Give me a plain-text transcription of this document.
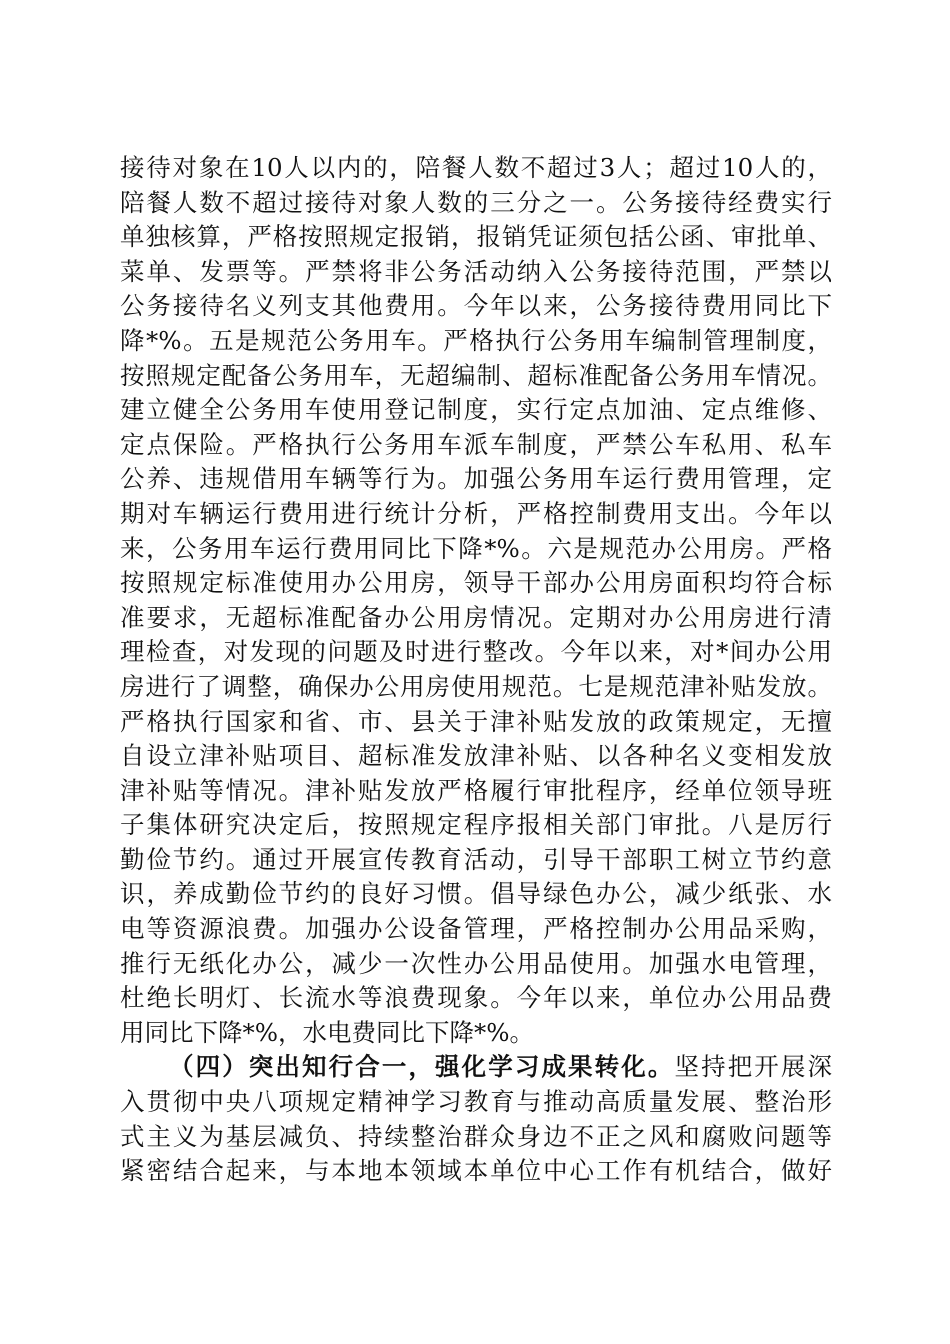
接待对象在10人以内的，陪餐人数不超过3人；超过10人的，
陪餐人数不超过接待对象人数的三分之一。公务接待经费实行
单独核算，严格按照规定报销，报销凭证须包括公函、审批单、
菜单、发票等。严禁将非公务活动纳入公务接待范围，严禁以
公务接待名义列支其他费用。今年以来，公务接待费用同比下
降*%。五是规范公务用车。严格执行公务用车编制管理制度，
按照规定配备公务用车，无超编制、超标准配备公务用车情况。
建立健全公务用车使用登记制度，实行定点加油、定点维修、
定点保险。严格执行公务用车派车制度，严禁公车私用、私车
公养、违规借用车辆等行为。加强公务用车运行费用管理，定
期对车辆运行费用进行统计分析，严格控制费用支出。今年以
来，公务用车运行费用同比下降*%。六是规范办公用房。严格
按照规定标准使用办公用房，领导干部办公用房面积均符合标
准要求，无超标准配备办公用房情况。定期对办公用房进行清
理检查，对发现的问题及时进行整改。今年以来，对*间办公用
房进行了调整，确保办公用房使用规范。七是规范津补贴发放。
严格执行国家和省、市、县关于津补贴发放的政策规定，无擅
自设立津补贴项目、超标准发放津补贴、以各种名义变相发放
津补贴等情况。津补贴发放严格履行审批程序，经单位领导班
子集体研究决定后，按照规定程序报相关部门审批。八是厉行
勤俭节约。通过开展宣传教育活动，引导干部职工树立节约意
识，养成勤俭节约的良好习惯。倡导绿色办公，减少纸张、水
电等资源浪费。加强办公设备管理，严格控制办公用品采购，
推行无纸化办公，减少一次性办公用品使用。加强水电管理，
杜绝长明灯、长流水等浪费现象。今年以来，单位办公用品费
用同比下降*%，水电费同比下降*%。
（四）突出知行合一，强化学习成果转化。坚持把开展深
入贯彻中央八项规定精神学习教育与推动高质量发展、整治形
式主义为基层减负、持续整治群众身边不正之风和腐败问题等
紧密结合起来，与本地本领域本单位中心工作有机结合，做好
